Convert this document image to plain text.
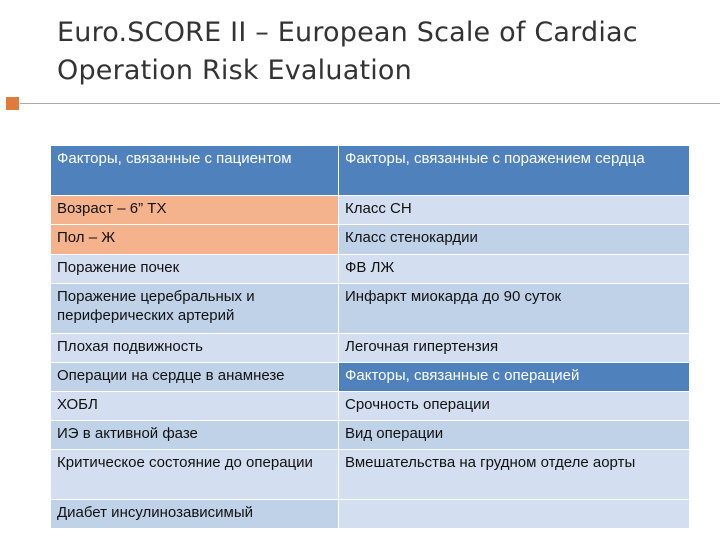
Euro.SCORE II – European Scale of Cardiac Operation Risk Evaluation
Факторы, связанные с пациентом	Факторы, связанные с поражением сердца
Возраст – 6” ТХ	Класс СН
Пол – Ж	Класс стенокардии
Поражение почек	ФВ ЛЖ
Поражение церебральных и периферических артерий	Инфаркт миокарда до 90 суток
Плохая подвижность	Легочная гипертензия
Операции на сердце в анамнезе	Факторы, связанные с операцией
ХОБЛ	Срочность операции
ИЭ в активной фазе	Вид операции
Критическое состояние до операции	Вмешательства на грудном отделе аорты
Диабет инсулинозависимый	
